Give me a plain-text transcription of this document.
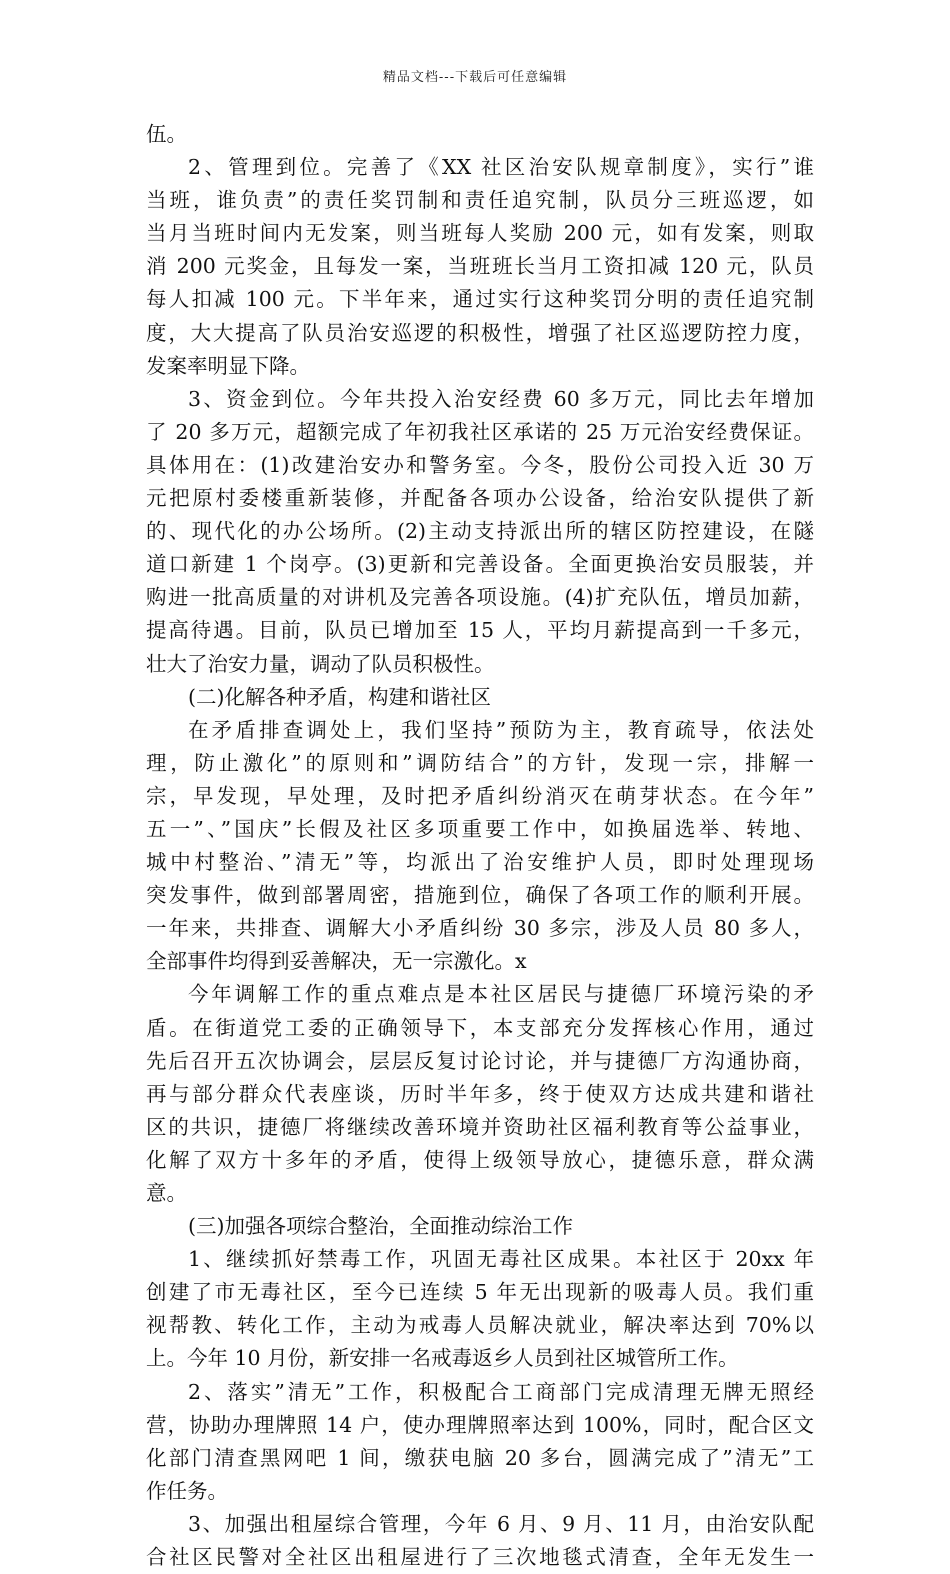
精品文档---下载后可任意编辑
伍。
2、管理到位。完善了《XX 社区治安队规章制度》，实行”谁
当班，谁负责”的责任奖罚制和责任追究制，队员分三班巡逻，如
当月当班时间内无发案，则当班每人奖励 200 元，如有发案，则取
消 200 元奖金，且每发一案，当班班长当月工资扣减 120 元，队员
每人扣减 100 元。下半年来，通过实行这种奖罚分明的责任追究制
度，大大提高了队员治安巡逻的积极性，增强了社区巡逻防控力度，
发案率明显下降。
3、资金到位。今年共投入治安经费 60 多万元，同比去年增加
了 20 多万元，超额完成了年初我社区承诺的 25 万元治安经费保证。
具体用在：(1)改建治安办和警务室。今冬，股份公司投入近 30 万
元把原村委楼重新装修，并配备各项办公设备，给治安队提供了新
的、现代化的办公场所。(2)主动支持派出所的辖区防控建设，在隧
道口新建 1 个岗亭。(3)更新和完善设备。全面更换治安员服装，并
购进一批高质量的对讲机及完善各项设施。(4)扩充队伍，增员加薪，
提高待遇。目前，队员已增加至 15 人，平均月薪提高到一千多元，
壮大了治安力量，调动了队员积极性。
(二)化解各种矛盾，构建和谐社区
在矛盾排查调处上，我们坚持”预防为主，教育疏导，依法处
理，防止激化”的原则和”调防结合”的方针，发现一宗，排解一
宗，早发现，早处理，及时把矛盾纠纷消灭在萌芽状态。在今年”
五一”、”国庆”长假及社区多项重要工作中，如换届选举、转地、
城中村整治、”清无”等，均派出了治安维护人员，即时处理现场
突发事件，做到部署周密，措施到位，确保了各项工作的顺利开展。
一年来，共排查、调解大小矛盾纠纷 30 多宗，涉及人员 80 多人，
全部事件均得到妥善解决，无一宗激化。x
今年调解工作的重点难点是本社区居民与捷德厂环境污染的矛
盾。在街道党工委的正确领导下，本支部充分发挥核心作用，通过
先后召开五次协调会，层层反复讨论讨论，并与捷德厂方沟通协商，
再与部分群众代表座谈，历时半年多，终于使双方达成共建和谐社
区的共识，捷德厂将继续改善环境并资助社区福利教育等公益事业，
化解了双方十多年的矛盾，使得上级领导放心，捷德乐意，群众满
意。
(三)加强各项综合整治，全面推动综治工作
1、继续抓好禁毒工作，巩固无毒社区成果。本社区于 20xx 年
创建了市无毒社区，至今已连续 5 年无出现新的吸毒人员。我们重
视帮教、转化工作，主动为戒毒人员解决就业，解决率达到 70%以
上。今年 10 月份，新安排一名戒毒返乡人员到社区城管所工作。
2、落实”清无”工作，积极配合工商部门完成清理无牌无照经
营，协助办理牌照 14 户，使办理牌照率达到 100%，同时，配合区文
化部门清查黑网吧 1 间，缴获电脑 20 多台，圆满完成了”清无”工
作任务。
3、加强出租屋综合管理，今年 6 月、9 月、11 月，由治安队配
合社区民警对全社区出租屋进行了三次地毯式清查，全年无发生一
